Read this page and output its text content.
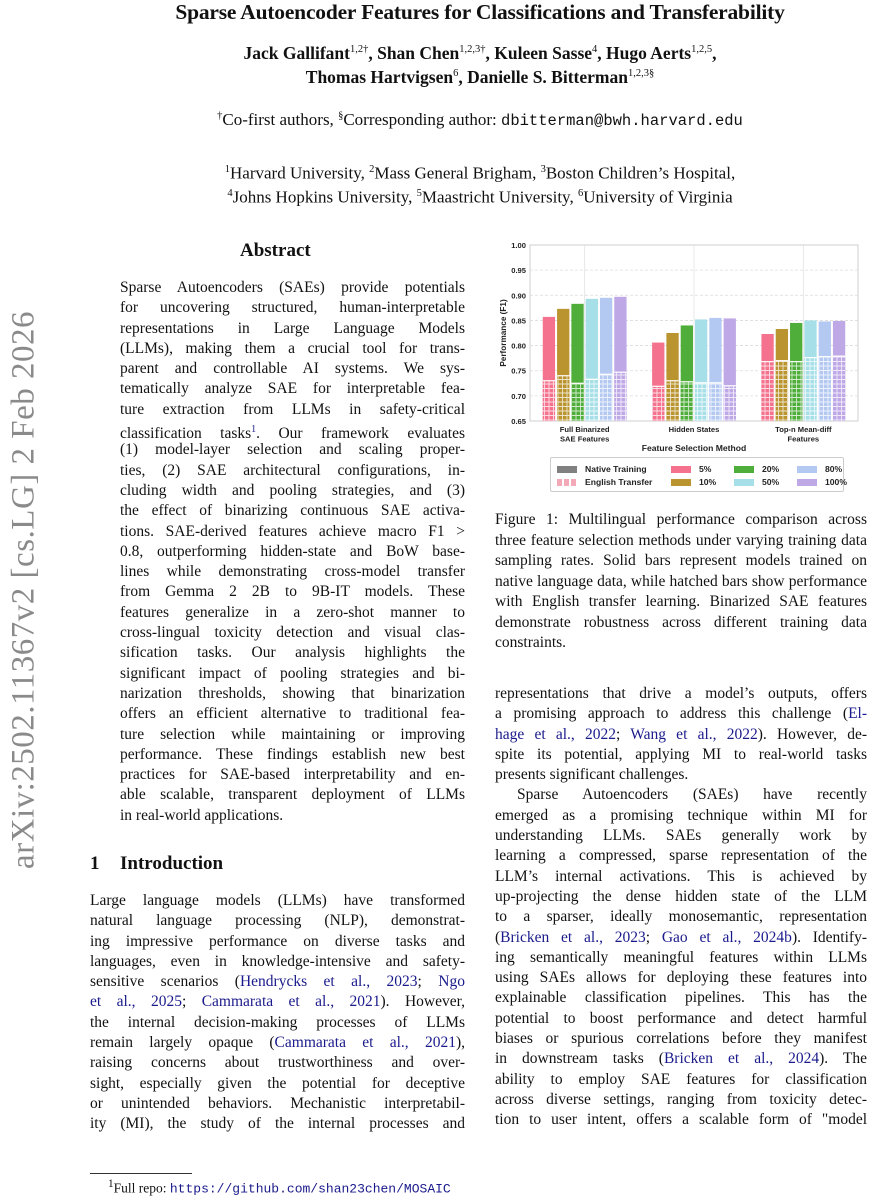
Sparse Autoencoder Features for Classifications and Transferability
Jack Gallifant$^{1,2\dagger}$, Shan Chen$^{1,2,3\dagger}$, Kuleen Sasse$^4$, Hugo Aerts$^{1,2,5}$,
Thomas Hartvigsen$^6$, Danielle S. Bitterman$^{1,2,3\S}$
†Co-first authors, §Corresponding author: dbitterman@bwh.harvard.edu
$^1$Harvard University, $^2$Mass General Brigham, $^3$Boston Children’s Hospital,
$^4$Johns Hopkins University, $^5$Maastricht University, $^6$University of Virginia
arXiv:2502.11367v2 [cs.LG] 2 Feb 2026
Abstract
Sparse Autoencoders (SAEs) provide potentials
for uncovering structured, human-interpretable
representations in Large Language Models
(LLMs), making them a crucial tool for trans-
parent and controllable AI systems. We sys-
tematically analyze SAE for interpretable fea-
ture extraction from LLMs in safety-critical
classification tasks$^1$. Our framework evaluates
(1) model-layer selection and scaling proper-
ties, (2) SAE architectural configurations, in-
cluding width and pooling strategies, and (3)
the effect of binarizing continuous SAE activa-
tions. SAE-derived features achieve macro F1 >
0.8, outperforming hidden-state and BoW base-
lines while demonstrating cross-model transfer
from Gemma 2 2B to 9B-IT models. These
features generalize in a zero-shot manner to
cross-lingual toxicity detection and visual clas-
sification tasks. Our analysis highlights the
significant impact of pooling strategies and bi-
narization thresholds, showing that binarization
offers an efficient alternative to traditional fea-
ture selection while maintaining or improving
performance. These findings establish new best
practices for SAE-based interpretability and en-
able scalable, transparent deployment of LLMs
in real-world applications.
1 Introduction
Large language models (LLMs) have transformed
natural language processing (NLP), demonstrat-
ing impressive performance on diverse tasks and
languages, even in knowledge-intensive and safety-
sensitive scenarios (Hendrycks et al., 2023; Ngo
et al., 2025; Cammarata et al., 2021). However,
the internal decision-making processes of LLMs
remain largely opaque (Cammarata et al., 2021),
raising concerns about trustworthiness and over-
sight, especially given the potential for deceptive
or unintended behaviors. Mechanistic interpretabil-
ity (MI), the study of the internal processes and
$^1$Full repo: https://github.com/shan23chen/MOSAIC
0.65
0.70
0.75
0.80
0.85
0.90
0.95
1.00
Full Binarized
SAE Features
Hidden States	Top-n Mean-diff
Features
Feature Selection Method
Performance (F1)
Native Training
English Transfer
5%
10%
20%
50%
80%
100%
Figure 1: Multilingual performance comparison across three feature selection methods under varying training data sampling rates. Solid bars represent models trained on native language data, while hatched bars show performance with English transfer learning. Binarized SAE features demonstrate robustness across different training data constraints.
representations that drive a model’s outputs, offers
a promising approach to address this challenge (El-
hage et al., 2022; Wang et al., 2022). However, de-
spite its potential, applying MI to real-world tasks
presents significant challenges.
Sparse Autoencoders (SAEs) have recently
emerged as a promising technique within MI for
understanding LLMs. SAEs generally work by
learning a compressed, sparse representation of the
LLM’s internal activations. This is achieved by
up-projecting the dense hidden state of the LLM
to a sparser, ideally monosemantic, representation
(Bricken et al., 2023; Gao et al., 2024b). Identify-
ing semantically meaningful features within LLMs
using SAEs allows for deploying these features into
explainable classification pipelines. This has the
potential to boost performance and detect harmful
biases or spurious correlations before they manifest
in downstream tasks (Bricken et al., 2024). The
ability to employ SAE features for classification
across diverse settings, ranging from toxicity detec-
tion to user intent, offers a scalable form of "model
